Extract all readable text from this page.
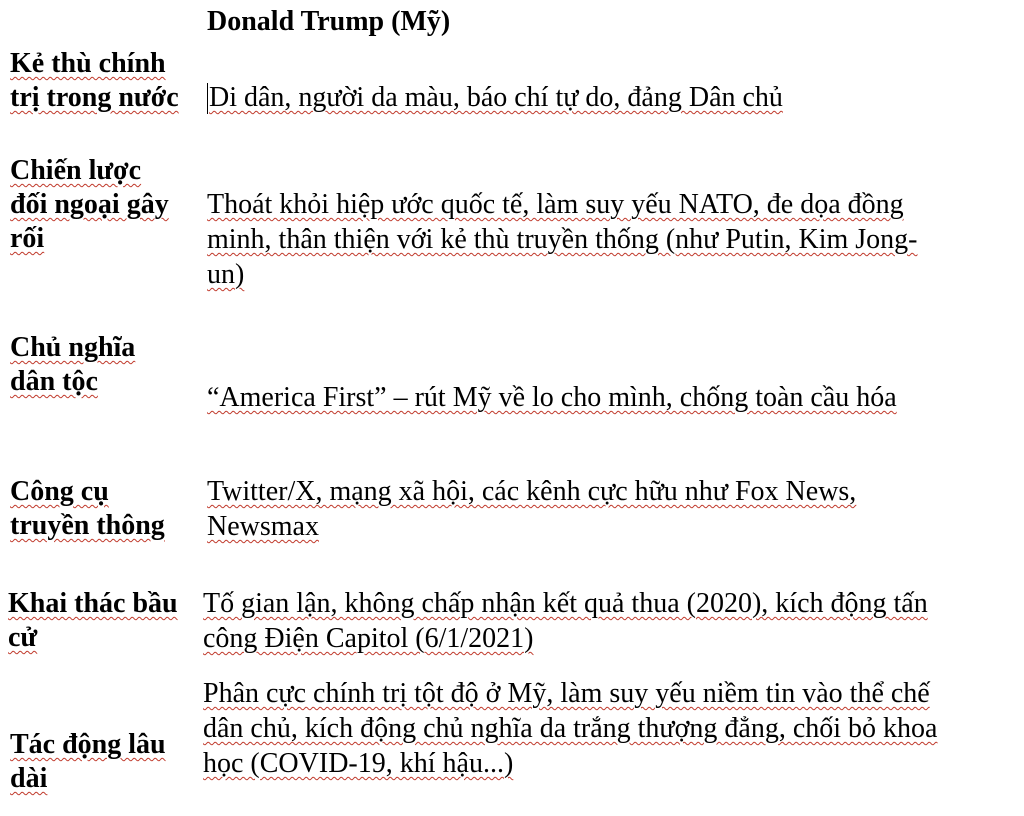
Donald Trump (Mỹ)
Kẻ thù chính
trị trong nước Di dân, người da màu, báo chí tự do, đảng Dân chủ
Chiến lược
đối ngoại gây
rối
Thoát khỏi hiệp ước quốc tế, làm suy yếu NATO, đe dọa đồng
minh, thân thiện với kẻ thù truyền thống (như Putin, Kim Jong-
un)
Chủ nghĩa
dân tộc
“America First” – rút Mỹ về lo cho mình, chống toàn cầu hóa
Công cụ
truyền thông
Twitter/X, mạng xã hội, các kênh cực hữu như Fox News,
Newsmax
Khai thác bầu
cử
Tố gian lận, không chấp nhận kết quả thua (2020), kích động tấn
công Điện Capitol (6/1/2021)
Tác động lâu
dài
Phân cực chính trị tột độ ở Mỹ, làm suy yếu niềm tin vào thể chế
dân chủ, kích động chủ nghĩa da trắng thượng đẳng, chối bỏ khoa
học (COVID-19, khí hậu...)
